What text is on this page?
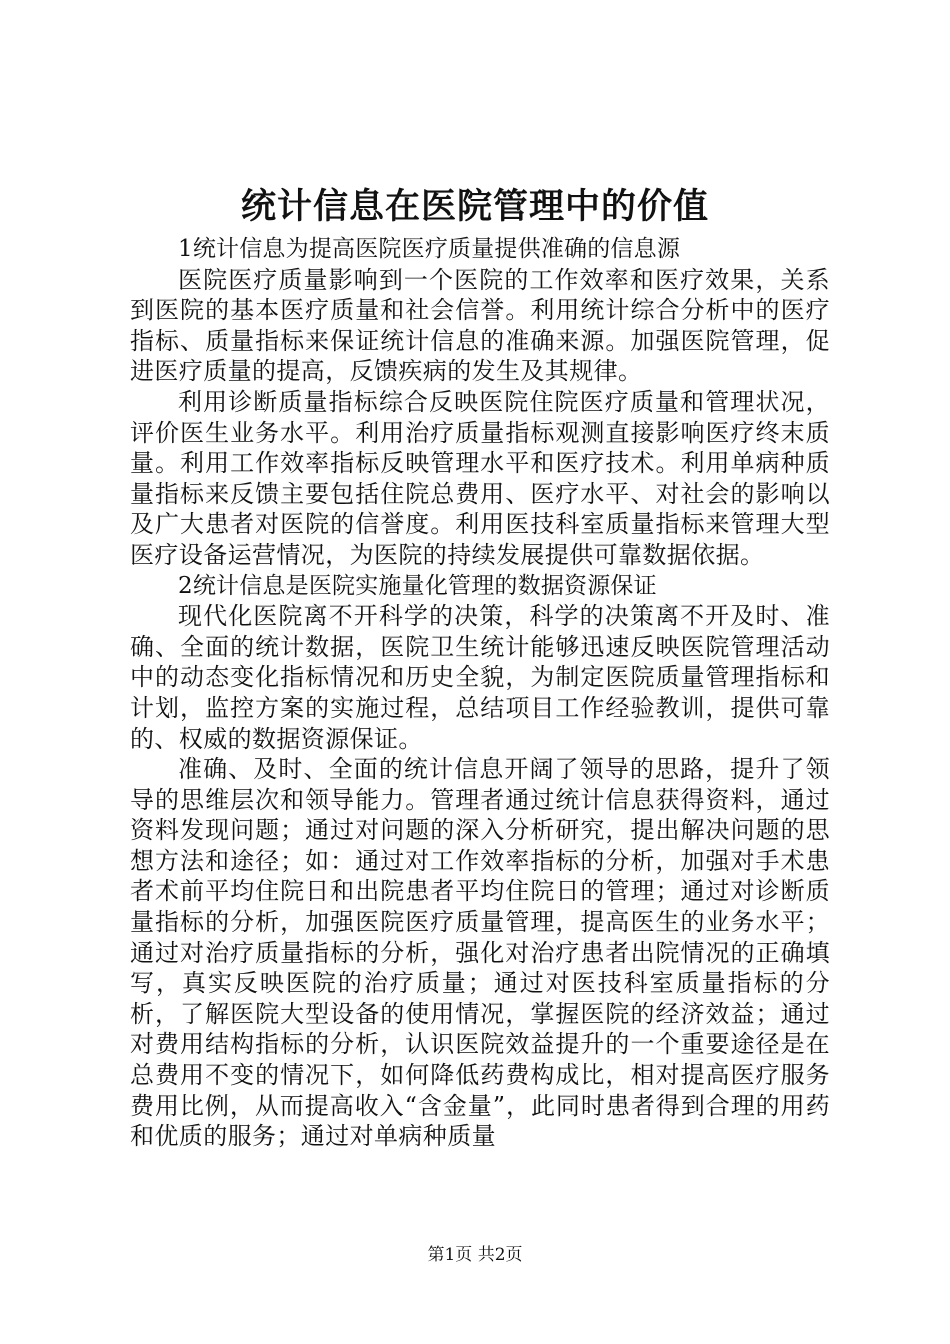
统计信息在医院管理中的价值

1统计信息为提高医院医疗质量提供准确的信息源

医院医疗质量影响到一个医院的工作效率和医疗效果，关系到医院的基本医疗质量和社会信誉。利用统计综合分析中的医疗指标、质量指标来保证统计信息的准确来源。加强医院管理，促进医疗质量的提高，反馈疾病的发生及其规律。

利用诊断质量指标综合反映医院住院医疗质量和管理状况，评价医生业务水平。利用治疗质量指标观测直接影响医疗终末质量。利用工作效率指标反映管理水平和医疗技术。利用单病种质量指标来反馈主要包括住院总费用、医疗水平、对社会的影响以及广大患者对医院的信誉度。利用医技科室质量指标来管理大型医疗设备运营情况，为医院的持续发展提供可靠数据依据。

2统计信息是医院实施量化管理的数据资源保证

现代化医院离不开科学的决策，科学的决策离不开及时、准确、全面的统计数据，医院卫生统计能够迅速反映医院管理活动中的动态变化指标情况和历史全貌，为制定医院质量管理指标和计划，监控方案的实施过程，总结项目工作经验教训，提供可靠的、权威的数据资源保证。

准确、及时、全面的统计信息开阔了领导的思路，提升了领导的思维层次和领导能力。管理者通过统计信息获得资料，通过资料发现问题；通过对问题的深入分析研究，提出解决问题的思想方法和途径；如：通过对工作效率指标的分析，加强对手术患者术前平均住院日和出院患者平均住院日的管理；通过对诊断质量指标的分析，加强医院医疗质量管理，提高医生的业务水平；通过对治疗质量指标的分析，强化对治疗患者出院情况的正确填写，真实反映医院的治疗质量；通过对医技科室质量指标的分析，了解医院大型设备的使用情况，掌握医院的经济效益；通过对费用结构指标的分析，认识医院效益提升的一个重要途径是在总费用不变的情况下，如何降低药费构成比，相对提高医疗服务费用比例，从而提高收入“含金量”，此同时患者得到合理的用药和优质的服务；通过对单病种质量

第1页 共2页
